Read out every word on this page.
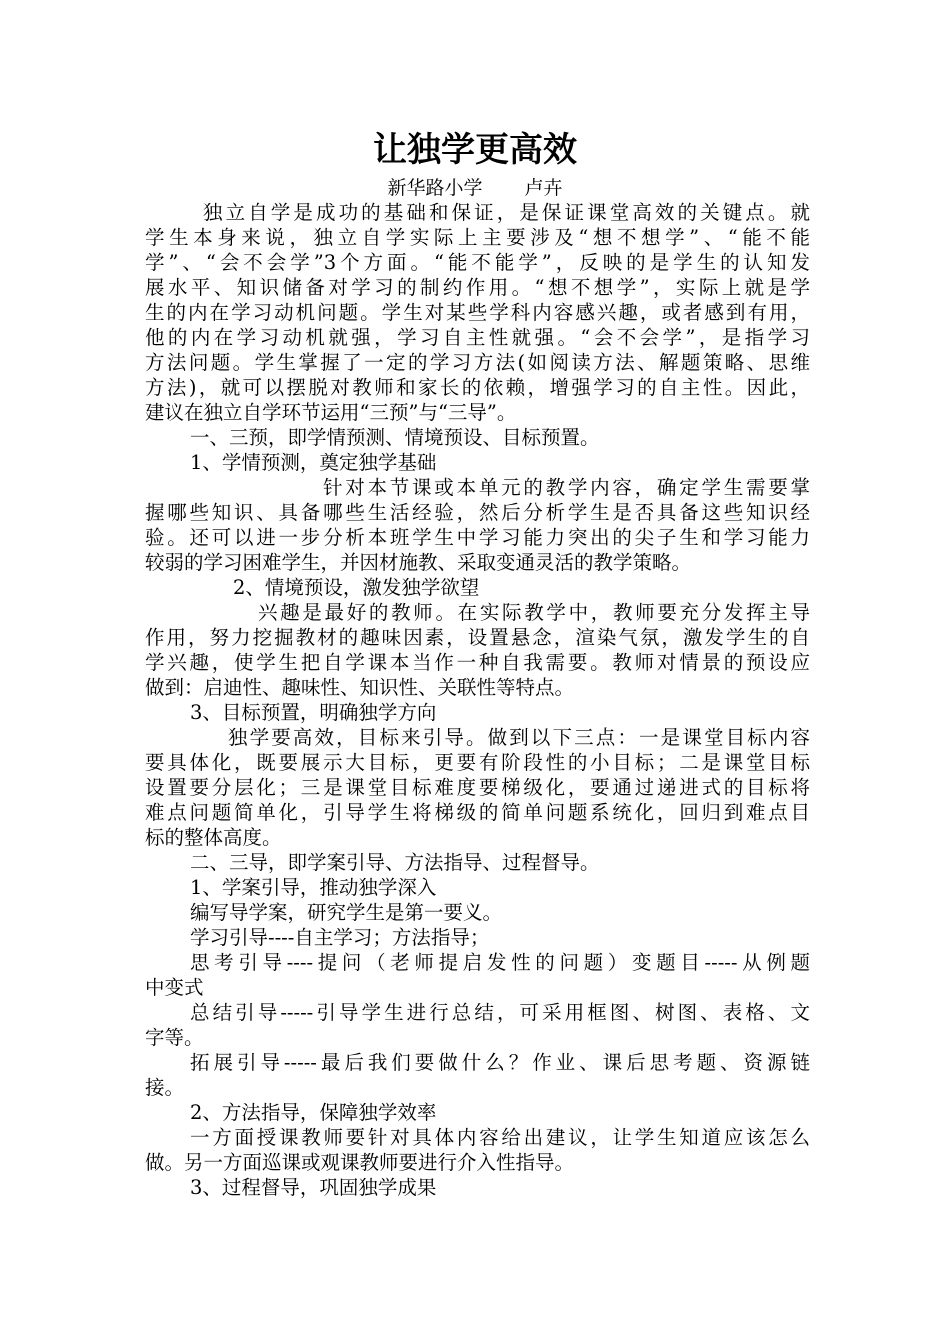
让独学更高效
新华路小学 卢卉
独立自学是成功的基础和保证，是保证课堂高效的关键点。就
学生本身来说，独立自学实际上主要涉及“想不想学”、“能不能
学”、“会不会学”3个方面。“能不能学”，反映的是学生的认知发
展水平、知识储备对学习的制约作用。“想不想学”，实际上就是学
生的内在学习动机问题。学生对某些学科内容感兴趣，或者感到有用，
他的内在学习动机就强，学习自主性就强。“会不会学”，是指学习
方法问题。学生掌握了一定的学习方法(如阅读方法、解题策略、思维
方法)，就可以摆脱对教师和家长的依赖，增强学习的自主性。因此，
建议在独立自学环节运用“三预”与“三导”。
一、三预，即学情预测、情境预设、目标预置。
1、学情预测，奠定独学基础
针对本节课或本单元的教学内容，确定学生需要掌
握哪些知识、具备哪些生活经验，然后分析学生是否具备这些知识经
验。还可以进一步分析本班学生中学习能力突出的尖子生和学习能力
较弱的学习困难学生，并因材施教、采取变通灵活的教学策略。
2、情境预设，激发独学欲望
兴趣是最好的教师。在实际教学中，教师要充分发挥主导
作用，努力挖掘教材的趣味因素，设置悬念，渲染气氛，激发学生的自
学兴趣，使学生把自学课本当作一种自我需要。教师对情景的预设应
做到：启迪性、趣味性、知识性、关联性等特点。
3、目标预置，明确独学方向
独学要高效，目标来引导。做到以下三点：一是课堂目标内容
要具体化，既要展示大目标，更要有阶段性的小目标；二是课堂目标
设置要分层化；三是课堂目标难度要梯级化，要通过递进式的目标将
难点问题简单化，引导学生将梯级的简单问题系统化，回归到难点目
标的整体高度。
二、三导，即学案引导、方法指导、过程督导。
1、学案引导，推动独学深入
编写导学案，研究学生是第一要义。
学习引导----自主学习；方法指导；
思考引导----提问（老师提启发性的问题）变题目-----从例题
中变式
总结引导-----引导学生进行总结，可采用框图、树图、表格、文
字等。
拓展引导-----最后我们要做什么？作业、课后思考题、资源链
接。
2、方法指导，保障独学效率
一方面授课教师要针对具体内容给出建议，让学生知道应该怎么
做。另一方面巡课或观课教师要进行介入性指导。
3、过程督导，巩固独学成果
